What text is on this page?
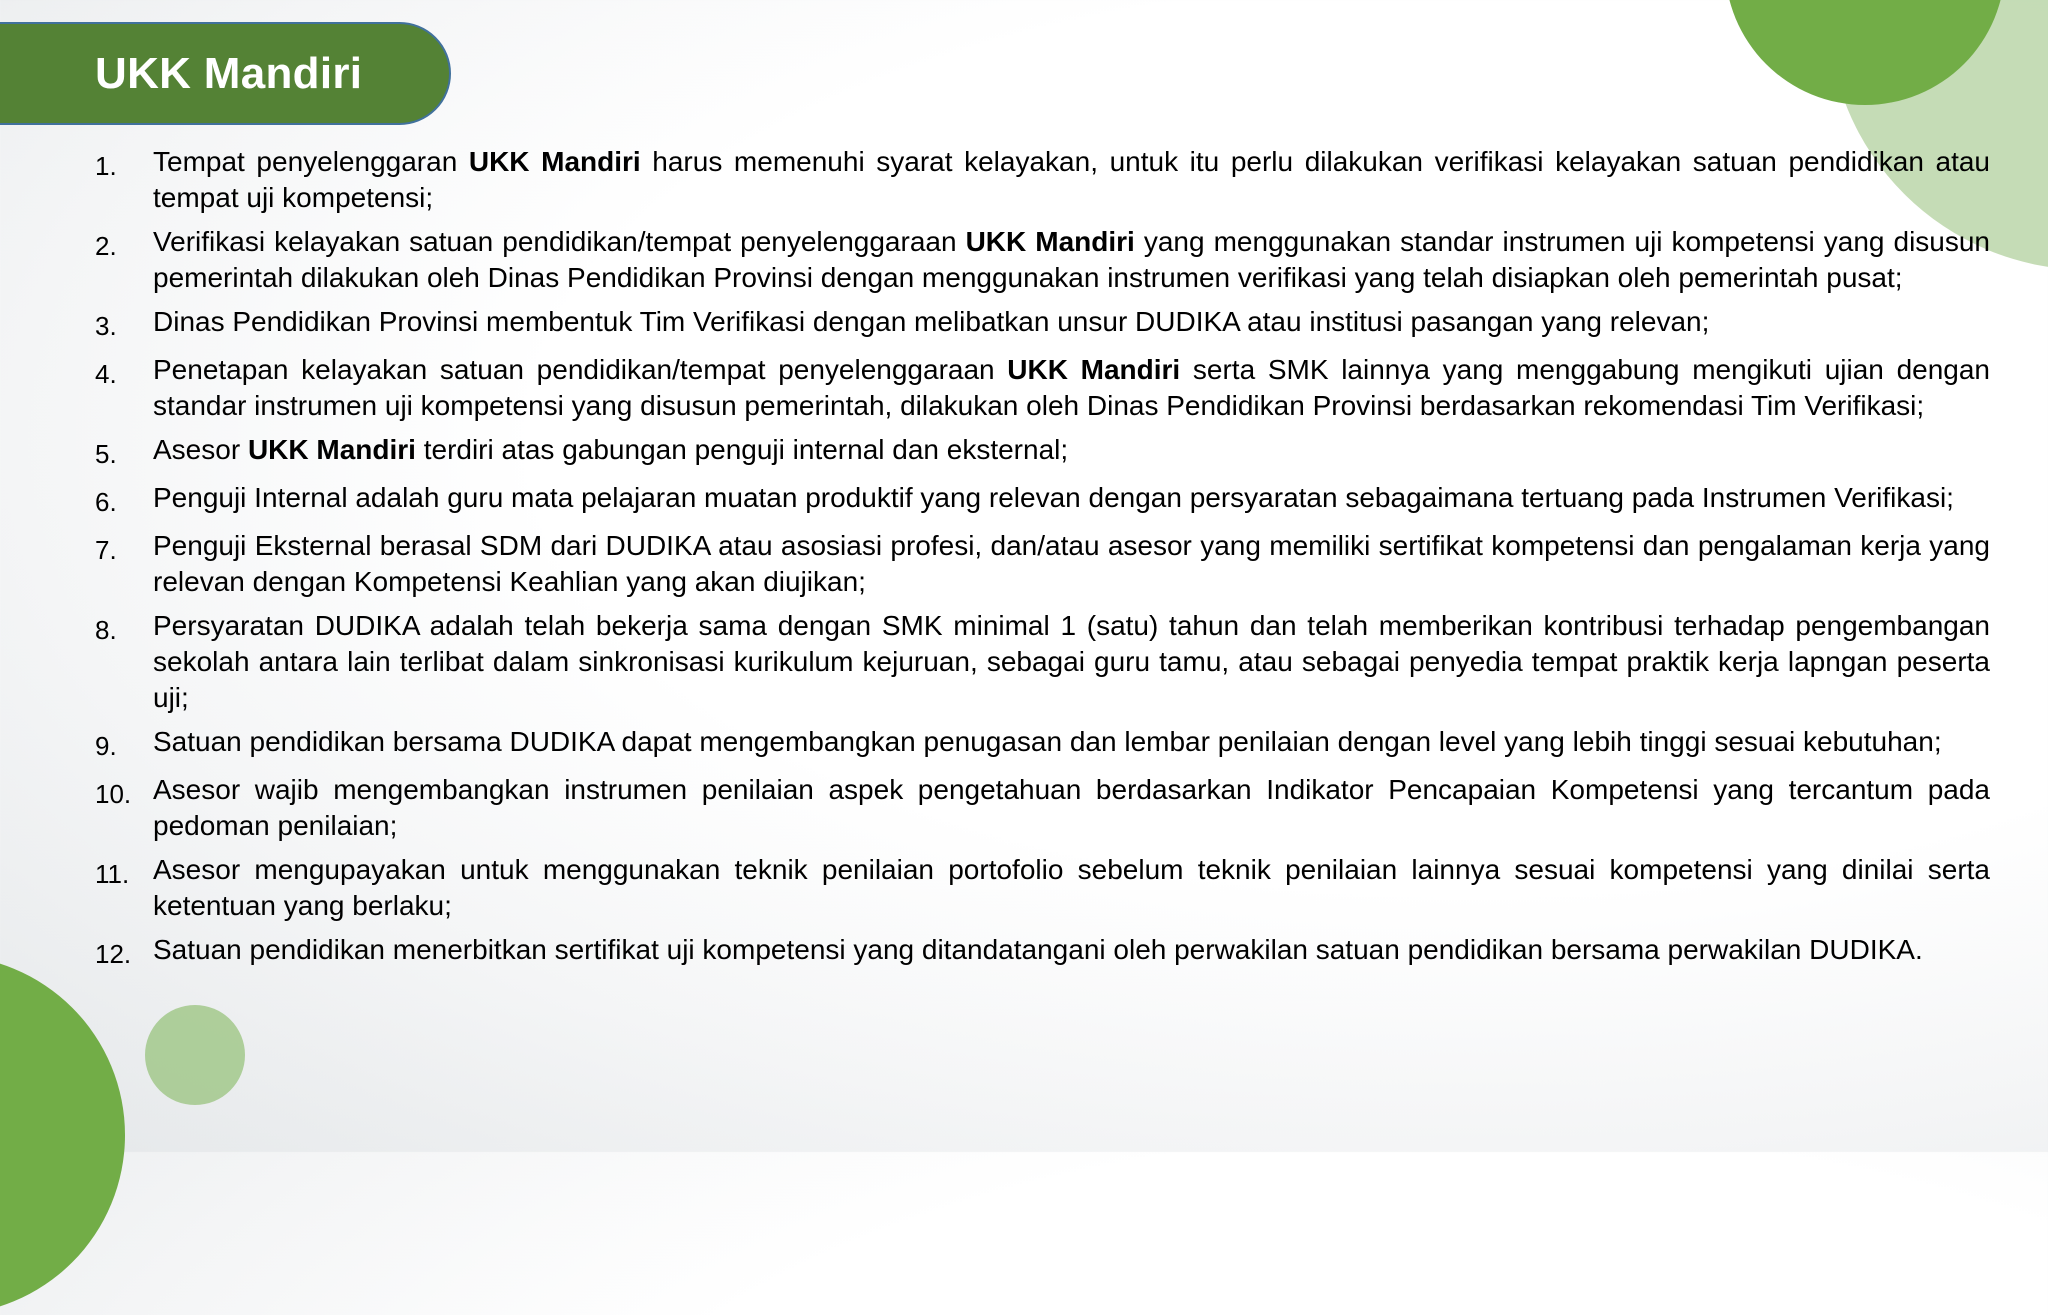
UKK Mandiri
1.	Tempat penyelenggaran UKK Mandiri harus memenuhi syarat kelayakan, untuk itu perlu dilakukan verifikasi kelayakan satuan pendidikan atau tempat uji kompetensi;
2.	Verifikasi kelayakan satuan pendidikan/tempat penyelenggaraan UKK Mandiri yang menggunakan standar instrumen uji kompetensi yang disusun pemerintah dilakukan oleh Dinas Pendidikan Provinsi dengan menggunakan instrumen verifikasi yang telah disiapkan oleh pemerintah pusat;
3.	Dinas Pendidikan Provinsi membentuk Tim Verifikasi dengan melibatkan unsur DUDIKA atau institusi pasangan yang relevan;
4.	Penetapan kelayakan satuan pendidikan/tempat penyelenggaraan UKK Mandiri serta SMK lainnya yang menggabung mengikuti ujian dengan standar instrumen uji kompetensi yang disusun pemerintah, dilakukan oleh Dinas Pendidikan Provinsi berdasarkan rekomendasi Tim Verifikasi;
5.	Asesor UKK Mandiri terdiri atas gabungan penguji internal dan eksternal;
6.	Penguji Internal adalah guru mata pelajaran muatan produktif yang relevan dengan persyaratan sebagaimana tertuang pada Instrumen Verifikasi;
7.	Penguji Eksternal berasal SDM dari DUDIKA atau asosiasi profesi, dan/atau asesor yang memiliki sertifikat kompetensi dan pengalaman kerja yang relevan dengan Kompetensi Keahlian yang akan diujikan;
8.	Persyaratan DUDIKA adalah telah bekerja sama dengan SMK minimal 1 (satu) tahun dan telah memberikan kontribusi terhadap pengembangan sekolah antara lain terlibat dalam sinkronisasi kurikulum kejuruan, sebagai guru tamu, atau sebagai penyedia tempat praktik kerja lapngan peserta uji;
9.	Satuan pendidikan bersama DUDIKA dapat mengembangkan penugasan dan lembar penilaian dengan level yang lebih tinggi sesuai kebutuhan;
10. Asesor wajib mengembangkan instrumen penilaian aspek pengetahuan berdasarkan Indikator Pencapaian Kompetensi yang tercantum pada pedoman penilaian;
11. Asesor mengupayakan untuk menggunakan teknik penilaian portofolio sebelum teknik penilaian lainnya sesuai kompetensi yang dinilai serta ketentuan yang berlaku;
12. Satuan pendidikan menerbitkan sertifikat uji kompetensi yang ditandatangani oleh perwakilan satuan pendidikan bersama perwakilan DUDIKA.
